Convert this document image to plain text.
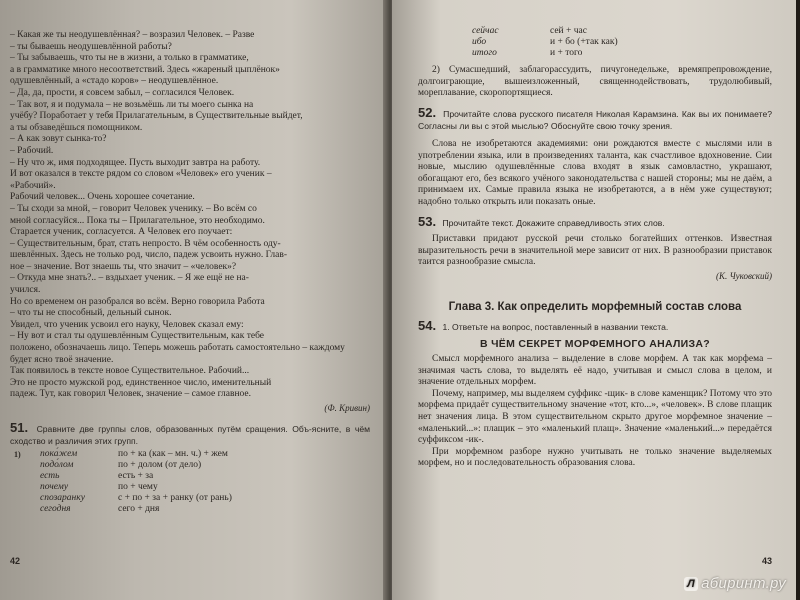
– Какая же ты неодушевлённая? – возразил Человек. – Разве

– ты бываешь неодушевлённой работы?

– Ты забываешь, что ты не в жизни, а только в грамматике,

а в грамматике много несоответствий. Здесь «жареный цыплёнок»

одушевлённый, а «стадо коров» – неодушевлённое.

– Да, да, прости, я совсем забыл, – согласился Человек.

– Так вот, я и подумала – не возьмёшь ли ты моего сынка на

учёбу? Поработает у тебя Прилагательным, в Существительные выйдет,

а ты обзаведёшься помощником.

– А как зовут сынка-то?

– Рабочий.

– Ну что ж, имя подходящее. Пусть выходит завтра на работу.

И вот оказался в тексте рядом со словом «Человек» его ученик –

«Рабочий».

Рабочий человек... Очень хорошее сочетание.

– Ты сходи за мной, – говорит Человек ученику. – Во всём со

мной согласуйся... Пока ты – Прилагательное, это необходимо.

Старается ученик, согласуется. А Человек его поучает:

– Существительным, брат, стать непросто. В чём особенность оду-

шевлённых. Здесь не только род, число, падеж усвоить нужно. Глав-

ное – значение. Вот знаешь ты, что значит – «человек»?

– Откуда мне знать?.. – вздыхает ученик. – Я же ещё не на-

учился.

Но со временем он разобрался во всём. Верно говорила Работа

– что ты не способный, дельный сынок.

Увидел, что ученик усвоил его науку, Человек сказал ему:

– Ну вот и стал ты одушевлённым Существительным, как тебе

положено, обозначаешь лицо. Теперь можешь работать самостоятельно – каждому

будет ясно твоё значение.

Так появилось в тексте новое Существительное. Рабочий...

Это не просто мужской род, единственное число, именительный

падеж. Тут, как говорил Человек, значение – самое главное.

(Ф. Кривин)

51. Сравните две группы слов, образованных путём сращения. Объ-ясните, в чём сходство и различия этих групп.

1)	пока́жем	по + ка (как – мн. ч.) + жем
	подо́лом	по + долом (от дело)
	есть	есть + за
	почему	по + чему
	спозаранку	с + по + за + ранку (от рань)
	сегодня	сего + дня
42
сейчас	сей + час
ибо	и + бо (+так как)
итого	и + того

2) Сумасшедший, заблагорассудить, пичугонедельже, времяпрепровождение, долгоиграющие, вышеизложенный, священнодействовать, трудолюбивый, мореплавание, скоропортящиеся.

52. Прочитайте слова русского писателя Николая Карамзина. Как вы их понимаете? Согласны ли вы с этой мыслью? Обоснуйте свою точку зрения.

Слова не изобретаются академиями: они рождаются вместе с мыслями или в употреблении языка, или в произведениях таланта, как счастливое вдохновение. Сии новые, мыслию одушевлённые слова входят в язык самовластно, украшают, обогащают его, без всякого учёного законодательства с нашей стороны; мы не даём, а принимаем их. Самые правила языка не изобретаются, а в нём уже существуют; надобно только открыть или показать оные.

53. Прочитайте текст. Докажите справедливость этих слов.

Приставки придают русской речи столько богатейших оттенков. Известная выразительность речи в значительной мере зависит от них. В разнообразии приставок таится разнообразие смысла.

(К. Чуковский)

Глава 3. Как определить морфемный состав слова

54. 1. Ответьте на вопрос, поставленный в названии текста.

В ЧЁМ СЕКРЕТ МОРФЕМНОГО АНАЛИЗА?

Смысл морфемного анализа – выделение в слове морфем. А так как морфема – значимая часть слова, то выделять её надо, учитывая и смысл слова в целом, и значение отдельных морфем.

Почему, например, мы выделяем суффикс -щик- в слове каменщик? Потому что это морфема придаёт существительному значение «тот, кто...», «человек». В слове плащик нет значения лица. В этом существительном скрыто другое морфемное значение – «маленький...»: плащик – это «маленький плащ». Значение «маленький...» передаётся суффиксом -ик-.

При морфемном разборе нужно учитывать не только значение выделяемых морфем, но и последовательность образования слова.

43
Л абиринт.ру
